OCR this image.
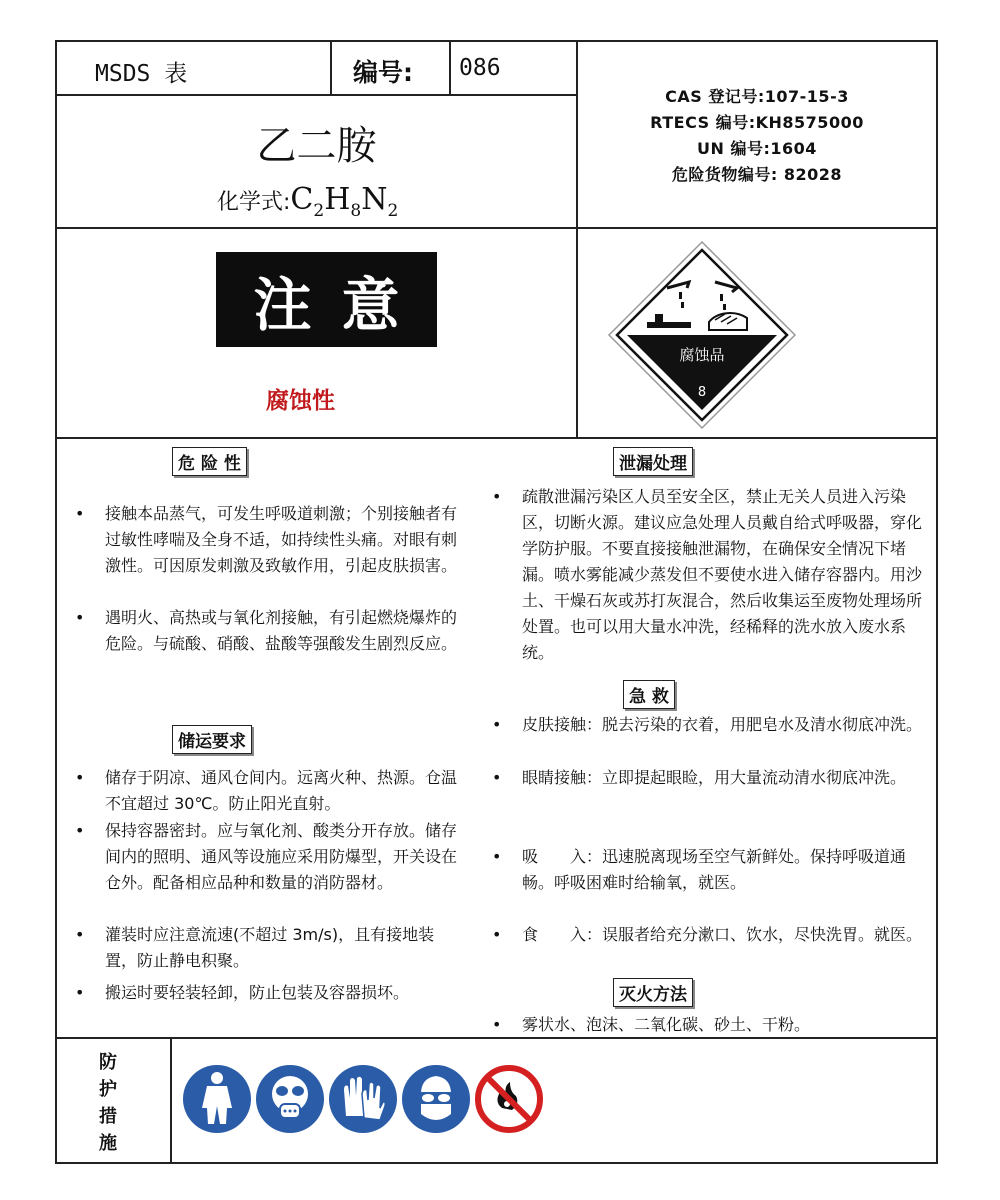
MSDS 表	编号: 086
乙二胺
化学式$:C_2H_8N_2$
CAS 登记号:107-15-3
RTECS 编号:KH8575000
UN 编号:1604
危险货物编号: 82028
注意
腐蚀性
腐蚀品
8
危 险 性
• 接触本品蒸气，可发生呼吸道刺激；个别接触者有过敏性哮喘及全身不适，如持续性头痛。对眼有刺激性。可因原发刺激及致敏作用，引起皮肤损害。
• 遇明火、高热或与氧化剂接触，有引起燃烧爆炸的危险。与硫酸、硝酸、盐酸等强酸发生剧烈反应。
储运要求
• 储存于阴凉、通风仓间内。远离火种、热源。仓温不宜超过 30℃。防止阳光直射。
• 保持容器密封。应与氧化剂、酸类分开存放。储存间内的照明、通风等设施应采用防爆型，开关设在仓外。配备相应品种和数量的消防器材。
• 灌装时应注意流速(不超过 3m/s)，且有接地装置，防止静电积聚。
• 搬运时要轻装轻卸，防止包装及容器损坏。
泄漏处理
• 疏散泄漏污染区人员至安全区，禁止无关人员进入污染区，切断火源。建议应急处理人员戴自给式呼吸器，穿化学防护服。不要直接接触泄漏物，在确保安全情况下堵漏。喷水雾能减少蒸发但不要使水进入储存容器内。用沙土、干燥石灰或苏打灰混合，然后收集运至废物处理场所处置。也可以用大量水冲洗，经稀释的洗水放入废水系统。
急 救
• 皮肤接触：脱去污染的衣着，用肥皂水及清水彻底冲洗。
• 眼睛接触：立即提起眼睑，用大量流动清水彻底冲洗。
• 吸　　入：迅速脱离现场至空气新鲜处。保持呼吸道通畅。呼吸困难时给输氧，就医。
• 食　　入：误服者给充分漱口、饮水，尽快洗胃。就医。
灭火方法
• 雾状水、泡沫、二氧化碳、砂土、干粉。
防
护
措
施
